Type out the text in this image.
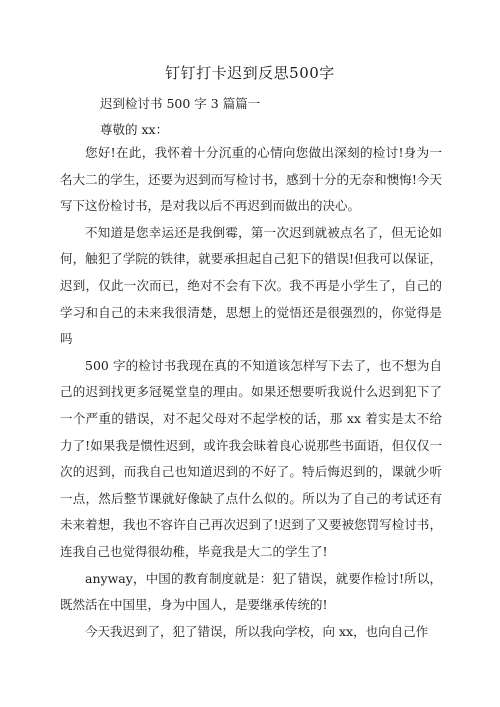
钉钉打卡迟到反思500字
迟到检讨书 500 字 3 篇篇一
尊敬的 xx：

您好!在此，我怀着十分沉重的心情向您做出深刻的检讨!身为一名大二的学生，还要为迟到而写检讨书，感到十分的无奈和懊悔!今天写下这份检讨书，是对我以后不再迟到而做出的决心。

不知道是您幸运还是我倒霉，第一次迟到就被点名了，但无论如何，触犯了学院的铁律，就要承担起自己犯下的错误!但我可以保证，迟到，仅此一次而已，绝对不会有下次。我不再是小学生了，自己的学习和自己的未来我很清楚，思想上的觉悟还是很强烈的，你觉得是吗

500 字的检讨书我现在真的不知道该怎样写下去了，也不想为自己的迟到找更多冠冕堂皇的理由。如果还想要听我说什么迟到犯下了一个严重的错误，对不起父母对不起学校的话，那 xx 着实是太不给力了!如果我是惯性迟到，或许我会昧着良心说那些书面语，但仅仅一次的迟到，而我自己也知道迟到的不好了。特后悔迟到的，课就少听一点，然后整节课就好像缺了点什么似的。所以为了自己的考试还有未来着想，我也不容许自己再次迟到了!迟到了又要被您罚写检讨书，连我自己也觉得很幼稚，毕竟我是大二的学生了!

anyway，中国的教育制度就是：犯了错误，就要作检讨!所以，既然活在中国里，身为中国人，是要继承传统的!

今天我迟到了，犯了错误，所以我向学校，向 xx，也向自己作
